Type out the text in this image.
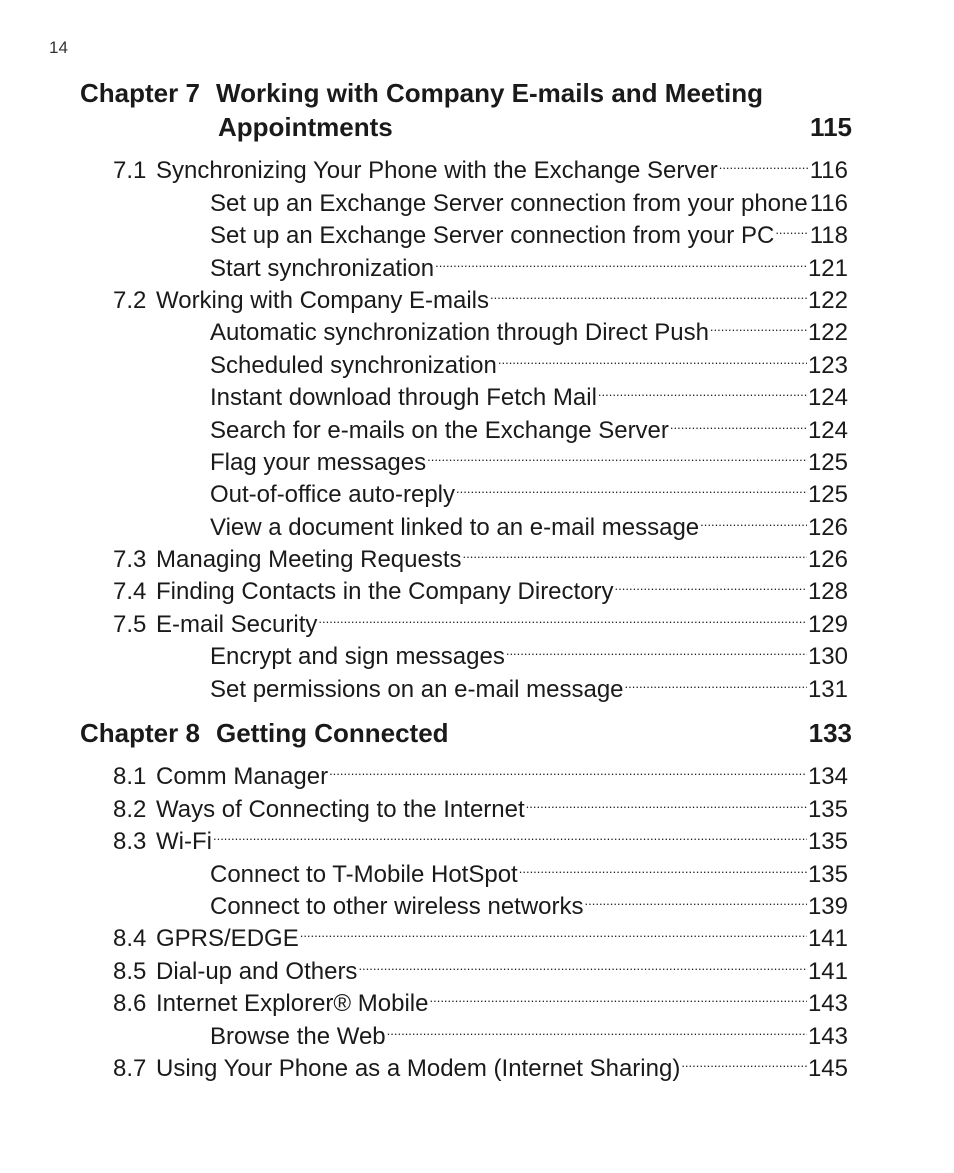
14
Chapter 7 Working with Company E-mails and Meeting
Appointments	115
7.1 Synchronizing Your Phone with the Exchange Server .....	116
Set up an Exchange Server connection from your phone ..... 116
Set up an Exchange Server connection from your PC ..... 118
Start synchronization .....	121
7.2 Working with Company E-mails .....	122
Automatic synchronization through Direct Push .....	122
Scheduled synchronization .....	123
Instant download through Fetch Mail .....	124
Search for e-mails on the Exchange Server .....	124
Flag your messages .....	125
Out-of-office auto-reply .....	125
View a document linked to an e-mail message .....	126
7.3 Managing Meeting Requests .....	126
7.4 Finding Contacts in the Company Directory .....	128
7.5 E-mail Security .....	129
Encrypt and sign messages .....	130
Set permissions on an e-mail message .....	131
Chapter 8 Getting Connected	133
8.1 Comm Manager .....	134
8.2 Ways of Connecting to the Internet .....	135
8.3 Wi-Fi .....	135
Connect to T-Mobile HotSpot .....	135
Connect to other wireless networks .....	139
8.4 GPRS/EDGE .....	141
8.5 Dial-up and Others .....	141
8.6 Internet Explorer® Mobile .....	143
Browse the Web .....	143
8.7 Using Your Phone as a Modem (Internet Sharing) .....	145
